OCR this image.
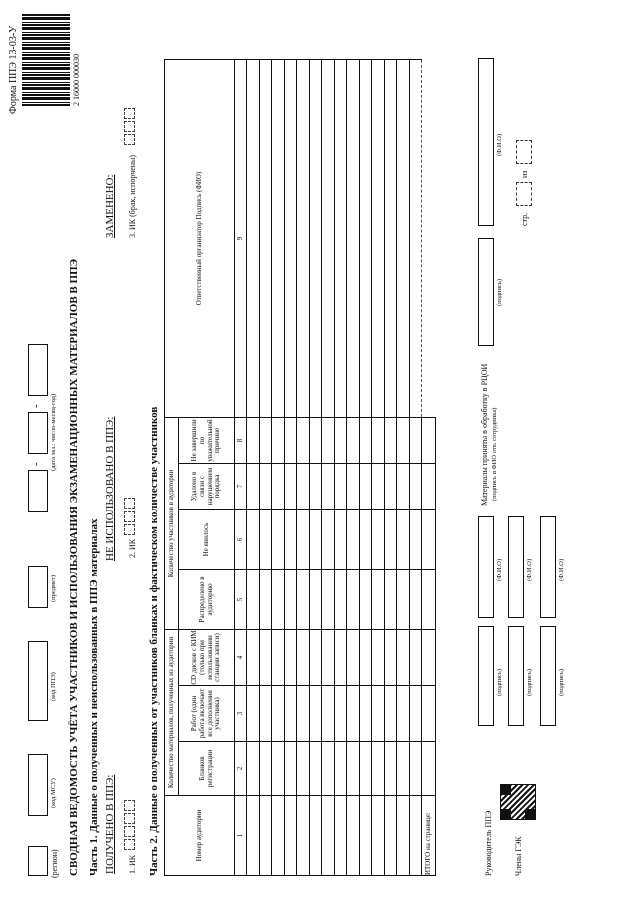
Форма ППЭ 13-03-У	2 16000 000030
(регион)
(код МСУ)
(код ППЭ)
(предмет)
-
- (дата экз.: число-месяц-год) СВОДНАЯ ВЕДОМОСТЬ УЧЁТА УЧАСТНИКОВ И ИСПОЛЬЗОВАНИЯ ЭКЗАМЕНАЦИОННЫХ МАТЕРИАЛОВ В ППЭ Часть 1. Данные о полученных и неиспользованных в ППЭ материалах ПОЛУЧЕНО В ППЭ:
НЕ ИСПОЛЬЗОВАНО В ППЭ:
ЗАМЕНЕНО:
1. ИК
2. ИК
3. ИК (брак, испорчены)
Часть 2. Данные о полученных от участников бланках и фактическом количестве участников	Номер аудитории	Количество материалов, полученных из аудитории			Количество участников в аудитории				Ответственный организатор Подпись (ФИО)
	Бланков регистрации	Работ (один работа включает все дополнения участника)	CD дисков с КИМ (только при использовании станции записи)	Распределено в аудиторию	Не явилось	Удалено в связи с нарушением порядка	Не завершили по уважительной причине	
1	2	3	4	5	6	7	8	9

ИТОГО на странице:									Руководитель ППЭ
(подпись)
(Ф.И.О)
Члены ГЭК
(подпись)
(Ф.И.О)
(подпись)
(Ф.И.О)
Материалы приняты в обработку в РЦОИ (подпись и ФИО отв. сотрудника)
(подпись)
(Ф.И.О)
стр.
из
